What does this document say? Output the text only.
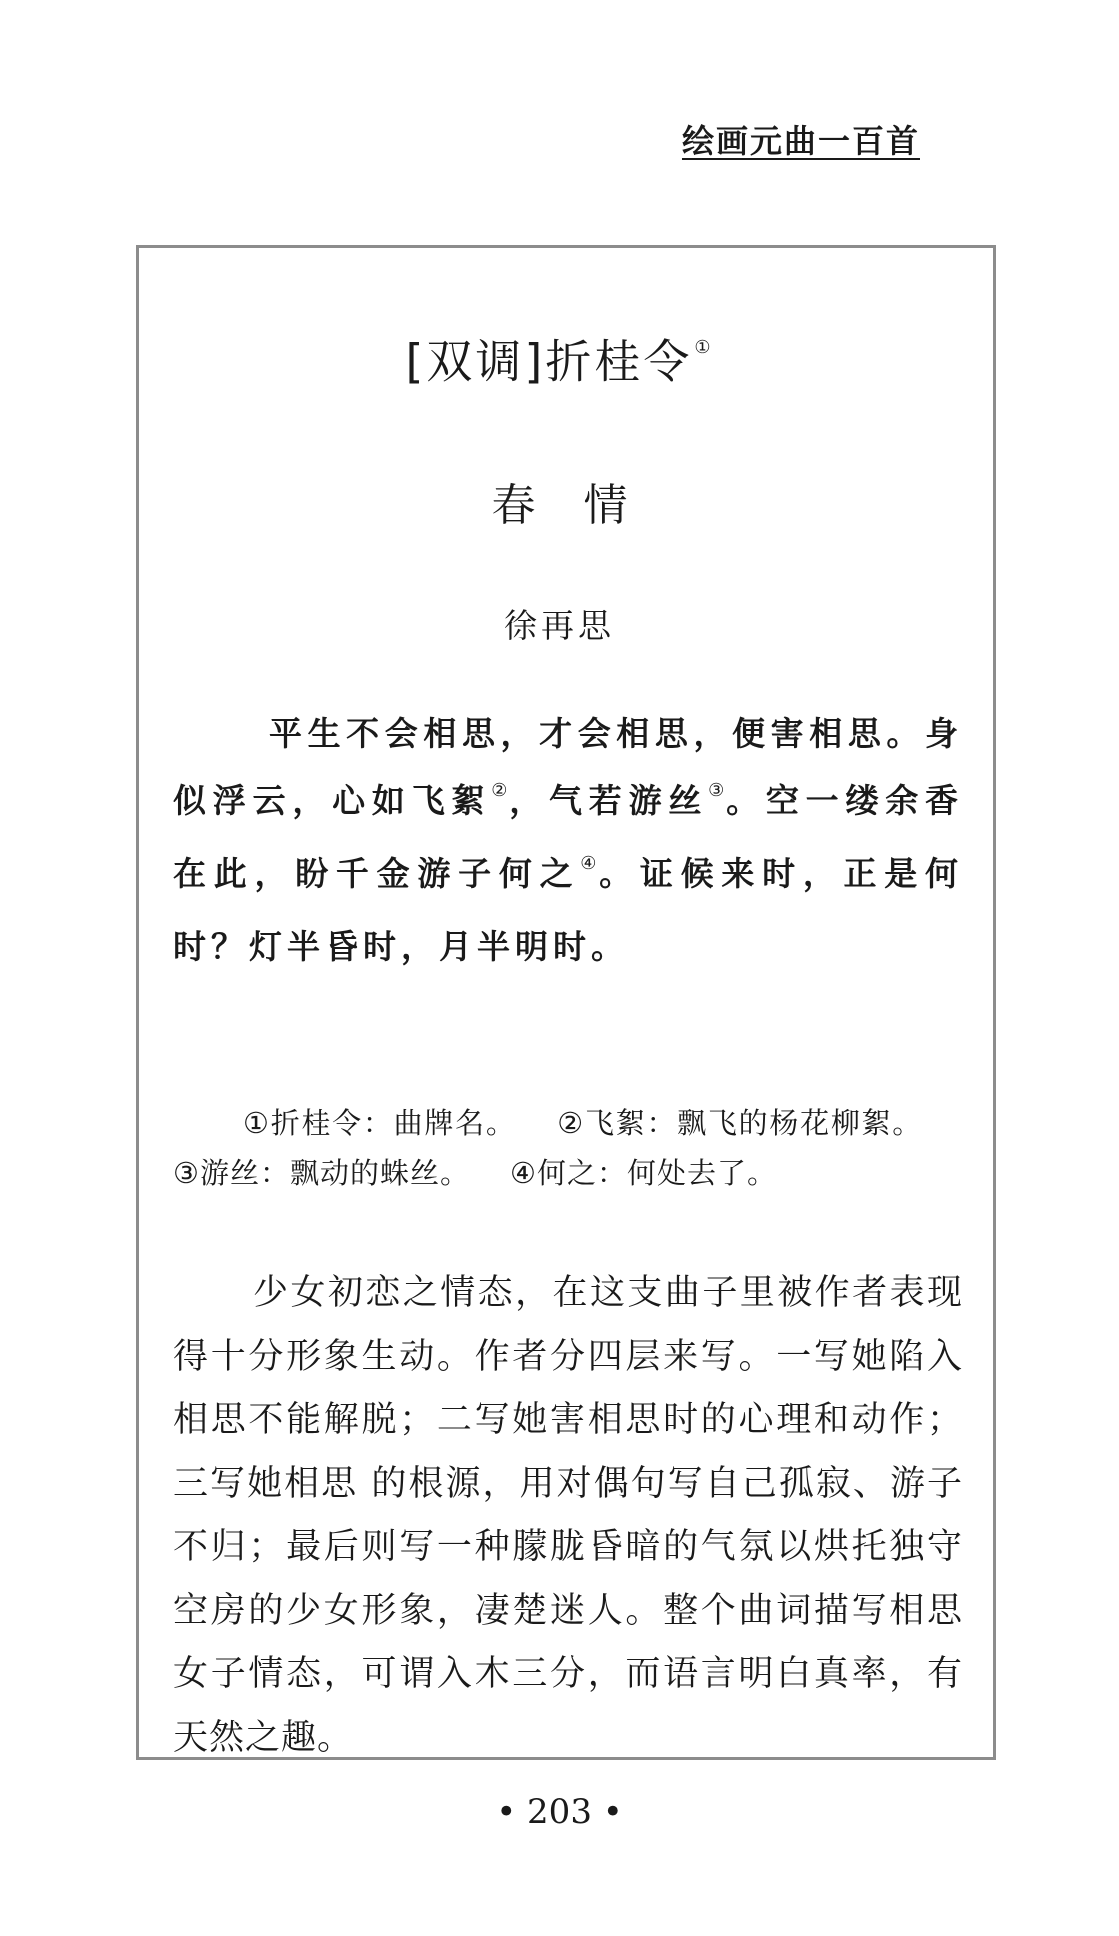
绘画元曲一百首
[双调]折桂令 ①
春 情
徐再思
平生不会相思，才会相思，便害相思。身似浮云，心如飞絮②，气若游丝③。空一缕余香在此，盼千金游子何之④。证候来时，正是何时？灯半昏时，月半明时。
①折桂令：曲牌名。 ②飞絮：飘飞的杨花柳絮。③游丝：飘动的蛛丝。 ④何之：何处去了。
少女初恋之情态，在这支曲子里被作者表现得十分形象生动。作者分四层来写。一写她陷入相思不能解脱；二写她害相思时的心理和动作；三写她相思 的根源，用对偶句写自己孤寂、游子不归；最后则写一种朦胧昏暗的气氛以烘托独守空房的少女形象，凄楚迷人。整个曲词描写相思女子情态，可谓入木三分，而语言明白真率，有天然之趣。
• 203 •
